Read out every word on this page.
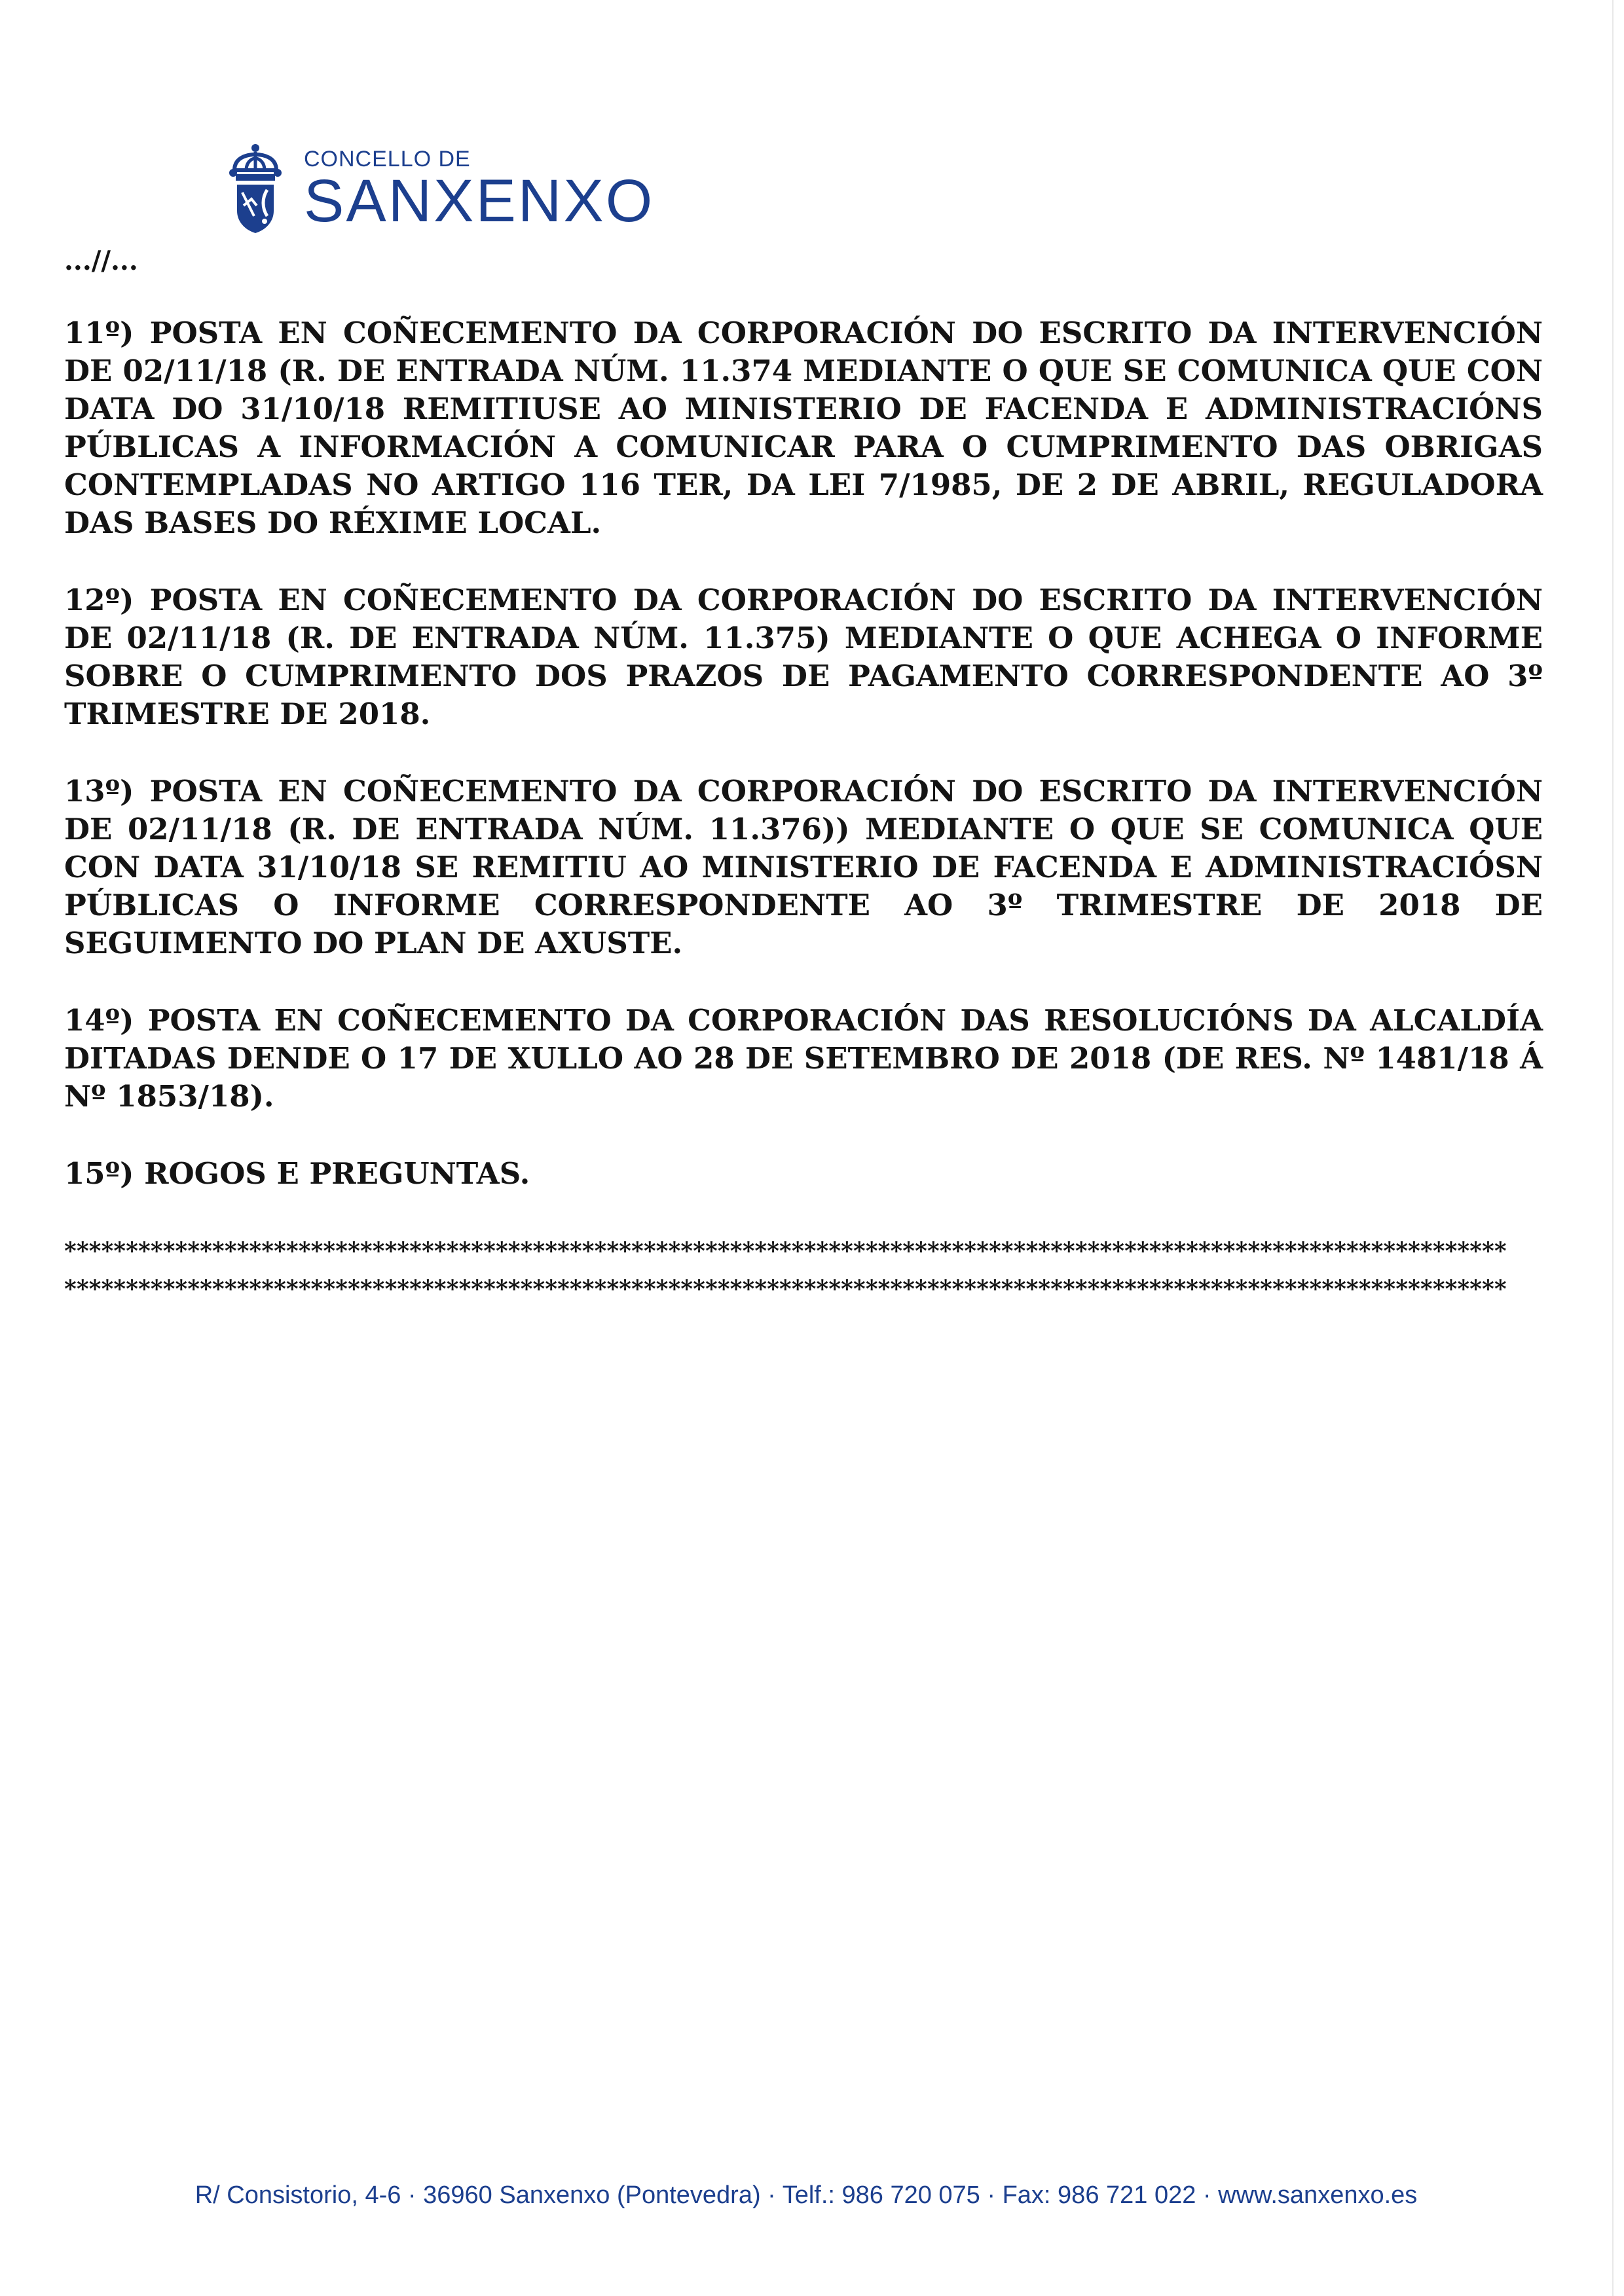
CONCELLO DE
SANXENXO
...//...

11º) POSTA EN COÑECEMENTO DA CORPORACIÓN DO ESCRITO DA INTERVENCIÓN DE 02/11/18 (R. DE ENTRADA NÚM. 11.374 MEDIANTE O QUE SE COMUNICA QUE CON DATA DO 31/10/18 REMITIUSE AO MINISTERIO DE FACENDA E ADMINISTRACIÓNS PÚBLICAS A INFORMACIÓN A COMUNICAR PARA O CUMPRIMENTO DAS OBRIGAS CONTEMPLADAS NO ARTIGO 116 TER, DA LEI 7/1985, DE 2 DE ABRIL, REGULADORA DAS BASES DO RÉXIME LOCAL.

12º) POSTA EN COÑECEMENTO DA CORPORACIÓN DO ESCRITO DA INTERVENCIÓN DE 02/11/18 (R. DE ENTRADA NÚM. 11.375) MEDIANTE O QUE ACHEGA O INFORME SOBRE O CUMPRIMENTO DOS PRAZOS DE PAGAMENTO CORRESPONDENTE AO 3º TRIMESTRE DE 2018.

13º) POSTA EN COÑECEMENTO DA CORPORACIÓN DO ESCRITO DA INTERVENCIÓN DE 02/11/18 (R. DE ENTRADA NÚM. 11.376)) MEDIANTE O QUE SE COMUNICA QUE CON DATA 31/10/18 SE REMITIU AO MINISTERIO DE FACENDA E ADMINISTRACIÓSN PÚBLICAS O INFORME CORRESPONDENTE AO 3º TRIMESTRE DE 2018 DE SEGUIMENTO DO PLAN DE AXUSTE.

14º) POSTA EN COÑECEMENTO DA CORPORACIÓN DAS RESOLUCIÓNS DA ALCALDÍA DITADAS DENDE O 17 DE XULLO AO 28 DE SETEMBRO DE 2018 (DE RES. Nº 1481/18 Á Nº 1853/18).

15º) ROGOS E PREGUNTAS.

*********************************************************************************************************************
*********************************************************************************************************************
R/ Consistorio, 4-6 · 36960 Sanxenxo (Pontevedra) · Telf.: 986 720 075 · Fax: 986 721 022 · www.sanxenxo.es
